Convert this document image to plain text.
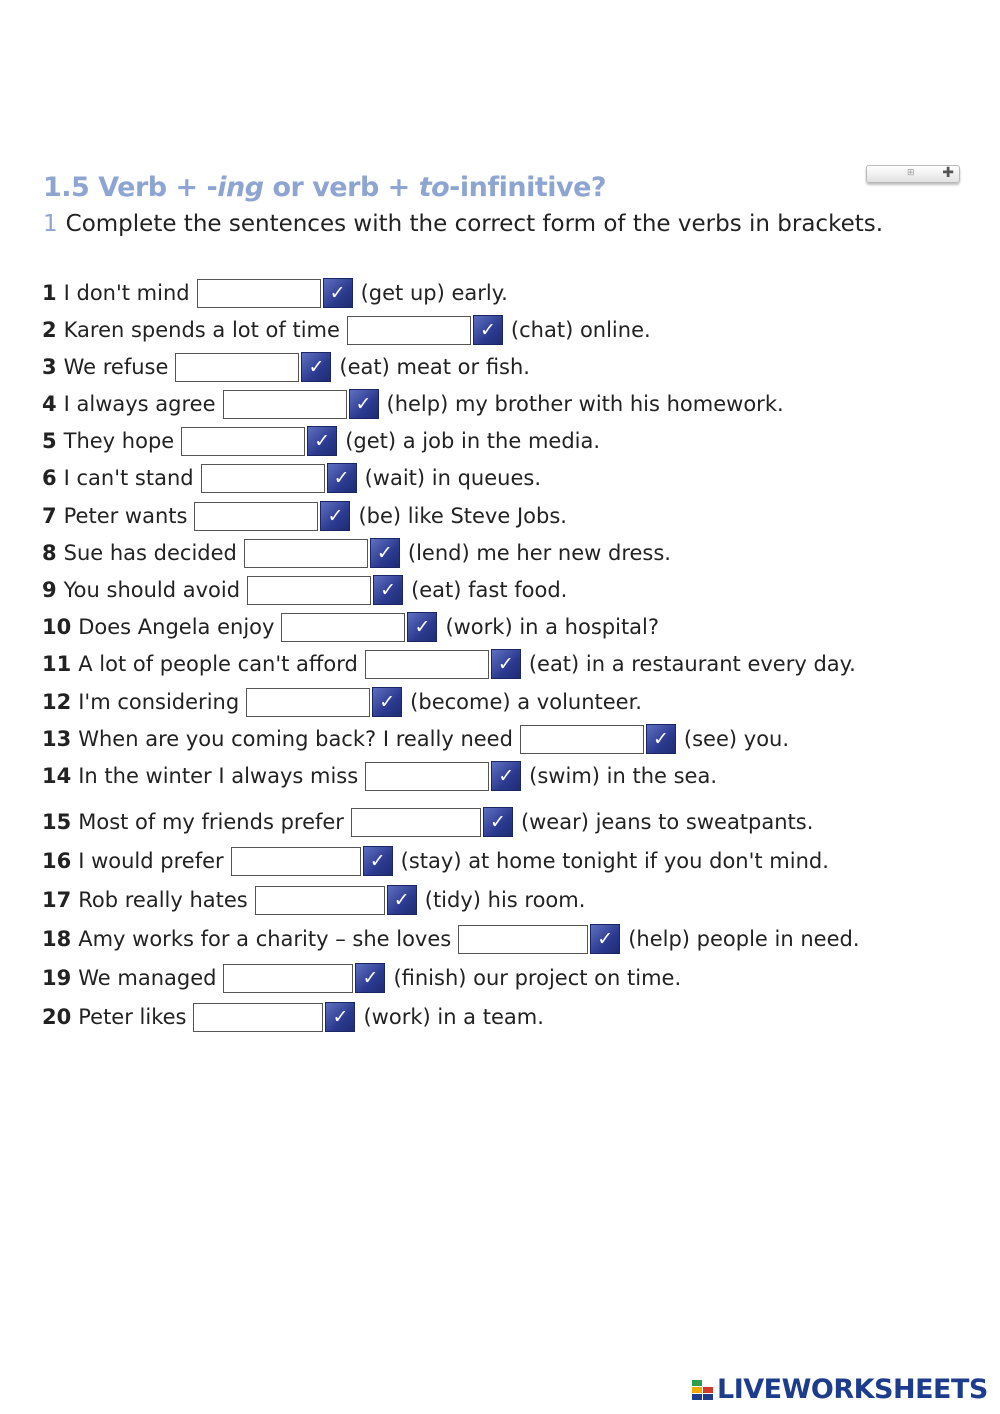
1.5 Verb + -ing or verb + to-infinitive?
1 Complete the sentences with the correct form of the verbs in brackets.
⊞ ✚
1 I don't mind	✓ (get up) early.
2 Karen spends a lot of time	✓ (chat) online.
3 We refuse	✓ (eat) meat or fish.
4 I always agree	✓ (help) my brother with his homework.
5 They hope	✓ (get) a job in the media.
6 I can't stand	✓ (wait) in queues.
7 Peter wants	✓ (be) like Steve Jobs.
8 Sue has decided	✓ (lend) me her new dress.
9 You should avoid	✓ (eat) fast food.
10 Does Angela enjoy	✓ (work) in a hospital?
11 A lot of people can't afford	✓ (eat) in a restaurant every day.
12 I'm considering	✓ (become) a volunteer.
13 When are you coming back? I really need	✓ (see) you.
14 In the winter I always miss	✓ (swim) in the sea.
15 Most of my friends prefer	✓ (wear) jeans to sweatpants.
16 I would prefer	✓ (stay) at home tonight if you don't mind.
17 Rob really hates	✓ (tidy) his room.
18 Amy works for a charity – she loves	✓ (help) people in need.
19 We managed	✓ (finish) our project on time.
20 Peter likes	✓ (work) in a team.
LIVEWORKSHEETS
